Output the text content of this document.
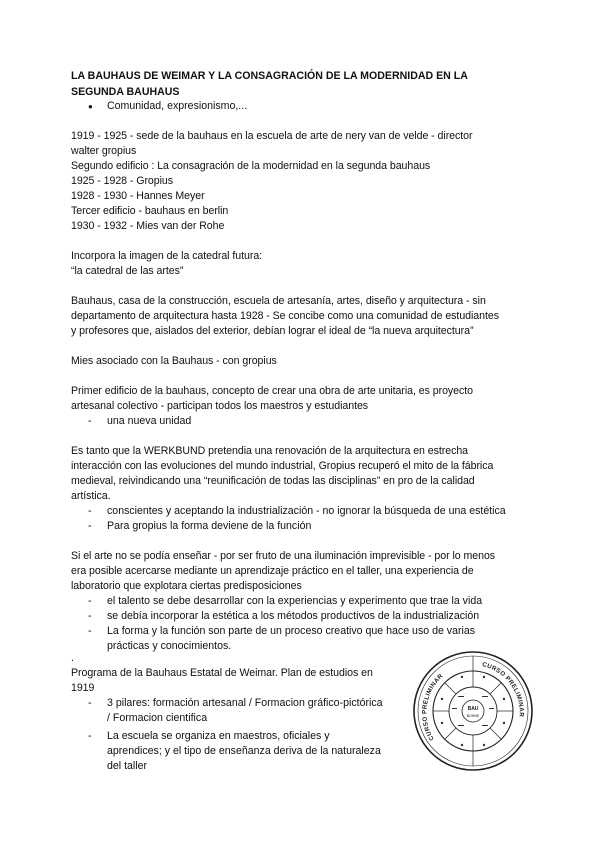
LA BAUHAUS DE WEIMAR Y LA CONSAGRACIÓN DE LA MODERNIDAD EN LA
SEGUNDA BAUHAUS
● Comunidad, expresionismo,...
1919 - 1925 - sede de la bauhaus en la escuela de arte de nery van de velde - director
walter gropius
Segundo edificio : La consagración de la modernidad en la segunda bauhaus
1925 - 1928 - Gropius
1928 - 1930 - Hannes Meyer
Tercer edificio - bauhaus en berlin
1930 - 1932 - Mies van der Rohe
Incorpora la imagen de la catedral futura:
“la catedral de las artes”
Bauhaus, casa de la construcción, escuela de artesanía, artes, diseño y arquitectura - sin
departamento de arquitectura hasta 1928 - Se concibe como una comunidad de estudiantes
y profesores que, aislados del exterior, debían lograr el ideal de “la nueva arquitectura”
Mies asociado con la Bauhaus - con gropius
Primer edificio de la bauhaus, concepto de crear una obra de arte unitaria, es proyecto
artesanal colectivo - participan todos los maestros y estudiantes
- una nueva unidad
Es tanto que la WERKBUND pretendia una renovación de la arquitectura en estrecha
interacción con las evoluciones del mundo industrial, Gropius recuperó el mito de la fábrica
medieval, reivindicando una “reunificación de todas las disciplinas” en pro de la calidad
artística.
- conscientes y aceptando la industrialización - no ignorar la búsqueda de una estética
- Para gropius la forma deviene de la función
Si el arte no se podía enseñar - por ser fruto de una iluminación imprevisible - por lo menos
era posible acercarse mediante un aprendizaje práctico en el taller, una experiencia de
laboratorio que explotara ciertas predisposiciones
- el talento se debe desarrollar con la experiencias y experimento que trae la vida
- se debía incorporar la estética a los métodos productivos de la industrialización
- La forma y la función son parte de un proceso creativo que hace uso de varias
prácticas y conocimientos.
.
Programa de la Bauhaus Estatal de Weimar. Plan de estudios en
1919
- 3 pilares: formación artesanal / Formacion gráfico-pictórica
/ Formacion cientifica
- La escuela se organiza en maestros, oficiales y
aprendices; y el tipo de enseñanza deriva de la naturaleza
del taller
CURSO PRELIMINAR
CURSO PRELIMINAR
BAU
BÜHNE
